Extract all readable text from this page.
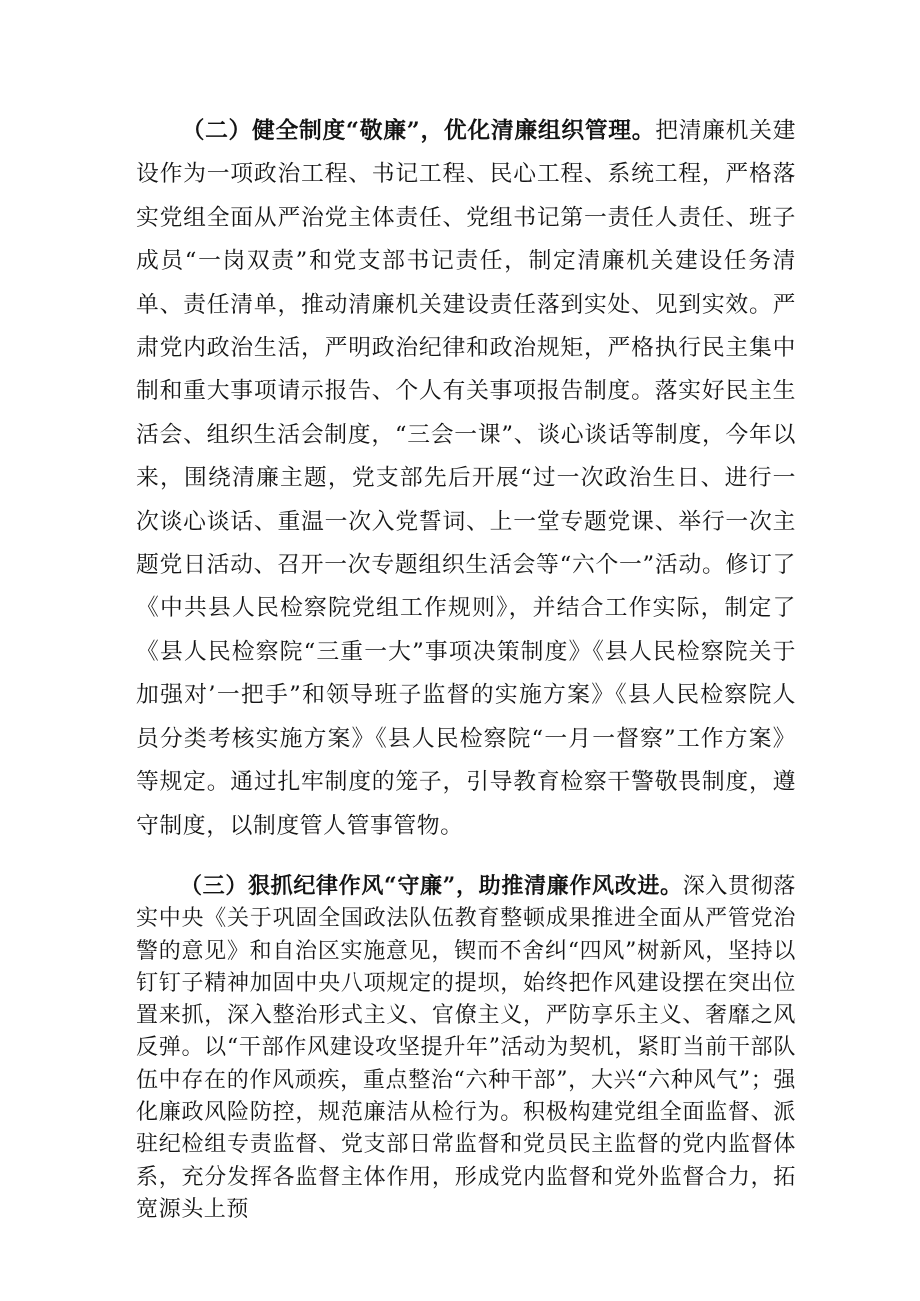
（二）健全制度“敬廉”，优化清廉组织管理。把清廉机关建设作为一项政治工程、书记工程、民心工程、系统工程，严格落实党组全面从严治党主体责任、党组书记第一责任人责任、班子成员“一岗双责”和党支部书记责任，制定清廉机关建设任务清单、责任清单，推动清廉机关建设责任落到实处、见到实效。严肃党内政治生活，严明政治纪律和政治规矩，严格执行民主集中制和重大事项请示报告、个人有关事项报告制度。落实好民主生活会、组织生活会制度，“三会一课”、谈心谈话等制度，今年以来，围绕清廉主题，党支部先后开展“过一次政治生日、进行一次谈心谈话、重温一次入党誓词、上一堂专题党课、举行一次主题党日活动、召开一次专题组织生活会等“六个一”活动。修订了《中共县人民检察院党组工作规则》，并结合工作实际，制定了《县人民检察院“三重一大”事项决策制度》《县人民检察院关于加强对’一把手”和领导班子监督的实施方案》《县人民检察院人员分类考核实施方案》《县人民检察院“一月一督察”工作方案》等规定。通过扎牢制度的笼子，引导教育检察干警敬畏制度，遵守制度，以制度管人管事管物。

（三）狠抓纪律作风“守廉”，助推清廉作风改进。深入贯彻落实中央《关于巩固全国政法队伍教育整顿成果推进全面从严管党治警的意见》和自治区实施意见，锲而不舍纠“四风”树新风，坚持以钉钉子精神加固中央八项规定的提坝，始终把作风建设摆在突出位置来抓，深入整治形式主义、官僚主义，严防享乐主义、奢靡之风反弹。以“干部作风建设攻坚提升年”活动为契机，紧盯当前干部队伍中存在的作风顽疾，重点整治“六种干部”，大兴“六种风气”；强化廉政风险防控，规范廉洁从检行为。积极构建党组全面监督、派驻纪检组专责监督、党支部日常监督和党员民主监督的党内监督体系，充分发挥各监督主体作用，形成党内监督和党外监督合力，拓宽源头上预
